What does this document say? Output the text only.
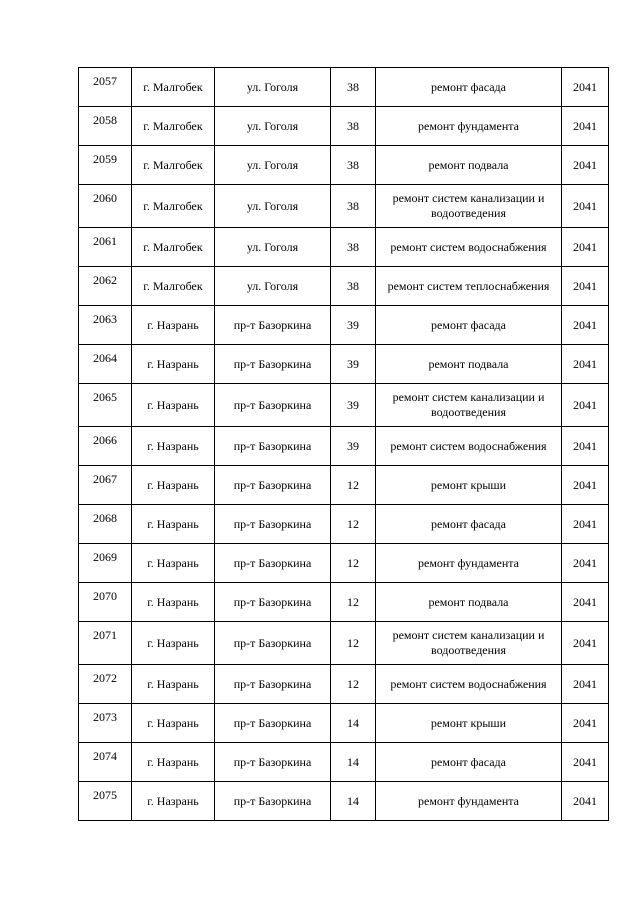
2057	г. Малгобек	ул. Гоголя	38	ремонт фасада	2041
2058	г. Малгобек	ул. Гоголя	38	ремонт фундамента	2041
2059	г. Малгобек	ул. Гоголя	38	ремонт подвала	2041
2060	г. Малгобек	ул. Гоголя	38	ремонт систем канализации и водоотведения	2041
2061	г. Малгобек	ул. Гоголя	38	ремонт систем водоснабжения	2041
2062	г. Малгобек	ул. Гоголя	38	ремонт систем теплоснабжения	2041
2063	г. Назрань	пр-т Базоркина	39	ремонт фасада	2041
2064	г. Назрань	пр-т Базоркина	39	ремонт подвала	2041
2065	г. Назрань	пр-т Базоркина	39	ремонт систем канализации и водоотведения	2041
2066	г. Назрань	пр-т Базоркина	39	ремонт систем водоснабжения	2041
2067	г. Назрань	пр-т Базоркина	12	ремонт крыши	2041
2068	г. Назрань	пр-т Базоркина	12	ремонт фасада	2041
2069	г. Назрань	пр-т Базоркина	12	ремонт фундамента	2041
2070	г. Назрань	пр-т Базоркина	12	ремонт подвала	2041
2071	г. Назрань	пр-т Базоркина	12	ремонт систем канализации и водоотведения	2041
2072	г. Назрань	пр-т Базоркина	12	ремонт систем водоснабжения	2041
2073	г. Назрань	пр-т Базоркина	14	ремонт крыши	2041
2074	г. Назрань	пр-т Базоркина	14	ремонт фасада	2041
2075	г. Назрань	пр-т Базоркина	14	ремонт фундамента	2041
